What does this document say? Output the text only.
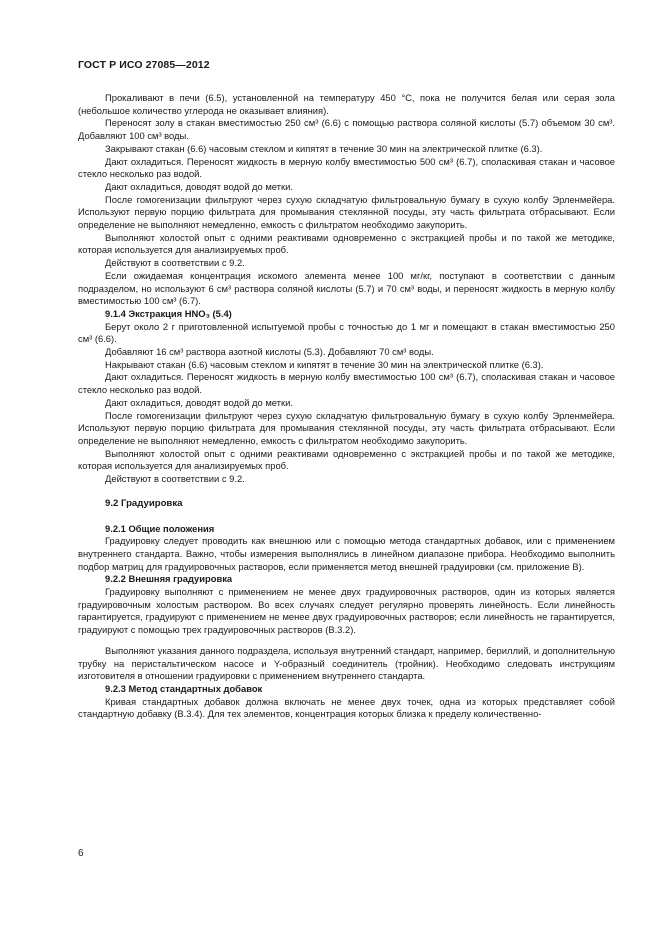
ГОСТ Р ИСО 27085—2012

Прокаливают в печи (6.5), установленной на температуру 450 °C, пока не получится белая или серая зола (небольшое количество углерода не оказывает влияния).

Переносят золу в стакан вместимостью 250 см³ (6.6) с помощью раствора соляной кислоты (5.7) объемом 30 см³. Добавляют 100 см³ воды.

Закрывают стакан (6.6) часовым стеклом и кипятят в течение 30 мин на электрической плитке (6.3).

Дают охладиться. Переносят жидкость в мерную колбу вместимостью 500 см³ (6.7), споласкивая стакан и часовое стекло несколько раз водой.

Дают охладиться, доводят водой до метки.

После гомогенизации фильтруют через сухую складчатую фильтровальную бумагу в сухую колбу Эрленмейера. Используют первую порцию фильтрата для промывания стеклянной посуды, эту часть фильтрата отбрасывают. Если определение не выполняют немедленно, емкость с фильтратом необходимо закупорить.

Выполняют холостой опыт с одними реактивами одновременно с экстракцией пробы и по такой же методике, которая используется для анализируемых проб.

Действуют в соответствии с 9.2.

Если ожидаемая концентрация искомого элемента менее 100 мг/кг, поступают в соответствии с данным подразделом, но используют 6 см³ раствора соляной кислоты (5.7) и 70 см³ воды, и переносят жидкость в мерную колбу вместимостью 100 см³ (6.7).

9.1.4 Экстракция HNO₃ (5.4)

Берут около 2 г приготовленной испытуемой пробы с точностью до 1 мг и помещают в стакан вместимостью 250 см³ (6.6).

Добавляют 16 см³ раствора азотной кислоты (5.3). Добавляют 70 см³ воды.

Накрывают стакан (6.6) часовым стеклом и кипятят в течение 30 мин на электрической плитке (6.3).

Дают охладиться. Переносят жидкость в мерную колбу вместимостью 100 см³ (6.7), споласкивая стакан и часовое стекло несколько раз водой.

Дают охладиться, доводят водой до метки.

После гомогенизации фильтруют через сухую складчатую фильтровальную бумагу в сухую колбу Эрленмейера. Используют первую порцию фильтрата для промывания стеклянной посуды, эту часть фильтрата отбрасывают. Если определение не выполняют немедленно, емкость с фильтратом необходимо закупорить.

Выполняют холостой опыт с одними реактивами одновременно с экстракцией пробы и по такой же методике, которая используется для анализируемых проб.

Действуют в соответствии с 9.2.

9.2 Градуировка
9.2.1 Общие положения

Градуировку следует проводить как внешнюю или с помощью метода стандартных добавок, или с применением внутреннего стандарта. Важно, чтобы измерения выполнялись в линейном диапазоне прибора. Необходимо выполнить подбор матриц для градуировочных растворов, если применяется метод внешней градуировки (см. приложение В).

9.2.2 Внешняя градуировка

Градуировку выполняют с применением не менее двух градуировочных растворов, один из которых является градуировочным холостым раствором. Во всех случаях следует регулярно проверять линейность. Если линейность гарантируется, градуируют с применением не менее двух градуировочных растворов; если линейность не гарантируется, градуируют с помощью трех градуировочных растворов (В.3.2).

Выполняют указания данного подраздела, используя внутренний стандарт, например, бериллий, и дополнительную трубку на перистальтическом насосе и Y-образный соединитель (тройник). Необходимо следовать инструкциям изготовителя в отношении градуировки с применением внутреннего стандарта.

9.2.3 Метод стандартных добавок

Кривая стандартных добавок должна включать не менее двух точек, одна из которых представляет собой стандартную добавку (В.3.4). Для тех элементов, концентрация которых близка к пределу количественно-

6
